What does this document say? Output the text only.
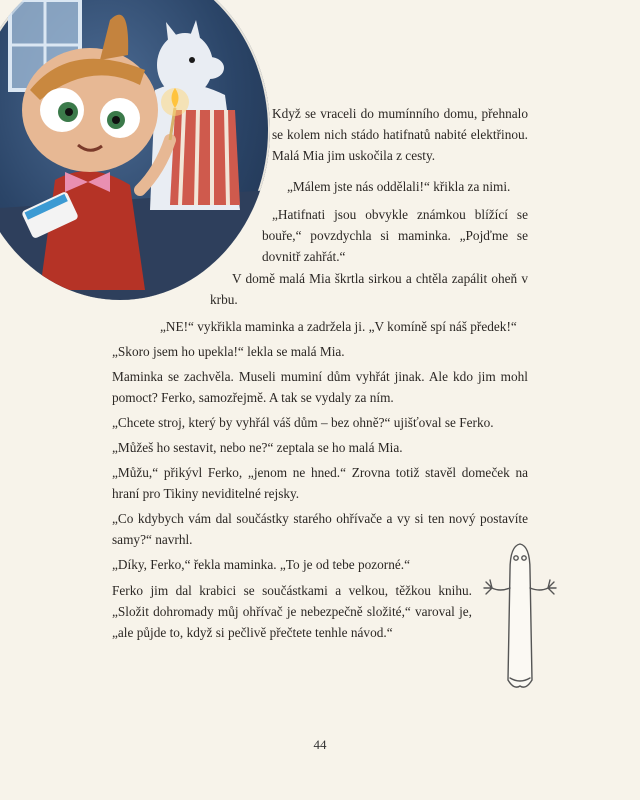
Když se vraceli do mumínního domu, přehnalo se kolem nich stádo hatifnatů nabité elektřinou. Malá Mia jim uskočila z cesty.

„Málem jste nás oddělali!“ křikla za nimi.

„Hatifnati jsou obvykle známkou blížící se bouře,“ povzdychla si maminka. „Pojďme se dovnitř zahřát.“

V domě malá Mia škrtla sirkou a chtěla zapálit oheň v krbu.

„NE!“ vykřikla maminka a zadržela ji. „V komíně spí náš předek!“

„Skoro jsem ho upekla!“ lekla se malá Mia.

Maminka se zachvěla. Museli muminí dům vyhřát jinak. Ale kdo jim mohl pomoct? Ferko, samozřejmě. A tak se vydaly za ním.

„Chcete stroj, který by vyhřál váš dům – bez ohně?“ ujišťoval se Ferko.

„Můžeš ho sestavit, nebo ne?“ zeptala se ho malá Mia.

„Můžu,“ přikývl Ferko, „jenom ne hned.“ Zrovna totiž stavěl domeček na hraní pro Tikiny neviditelné rejsky.

„Co kdybych vám dal součástky starého ohřívače a vy si ten nový postavíte samy?“ navrhl.

„Díky, Ferko,“ řekla maminka. „To je od tebe pozorné.“

Ferko jim dal krabici se součástkami a velkou, těžkou knihu. „Složit dohromady můj ohřívač je nebezpečně složité,“ varoval je, „ale půjde to, když si pečlivě přečtete tenhle návod.“

44
